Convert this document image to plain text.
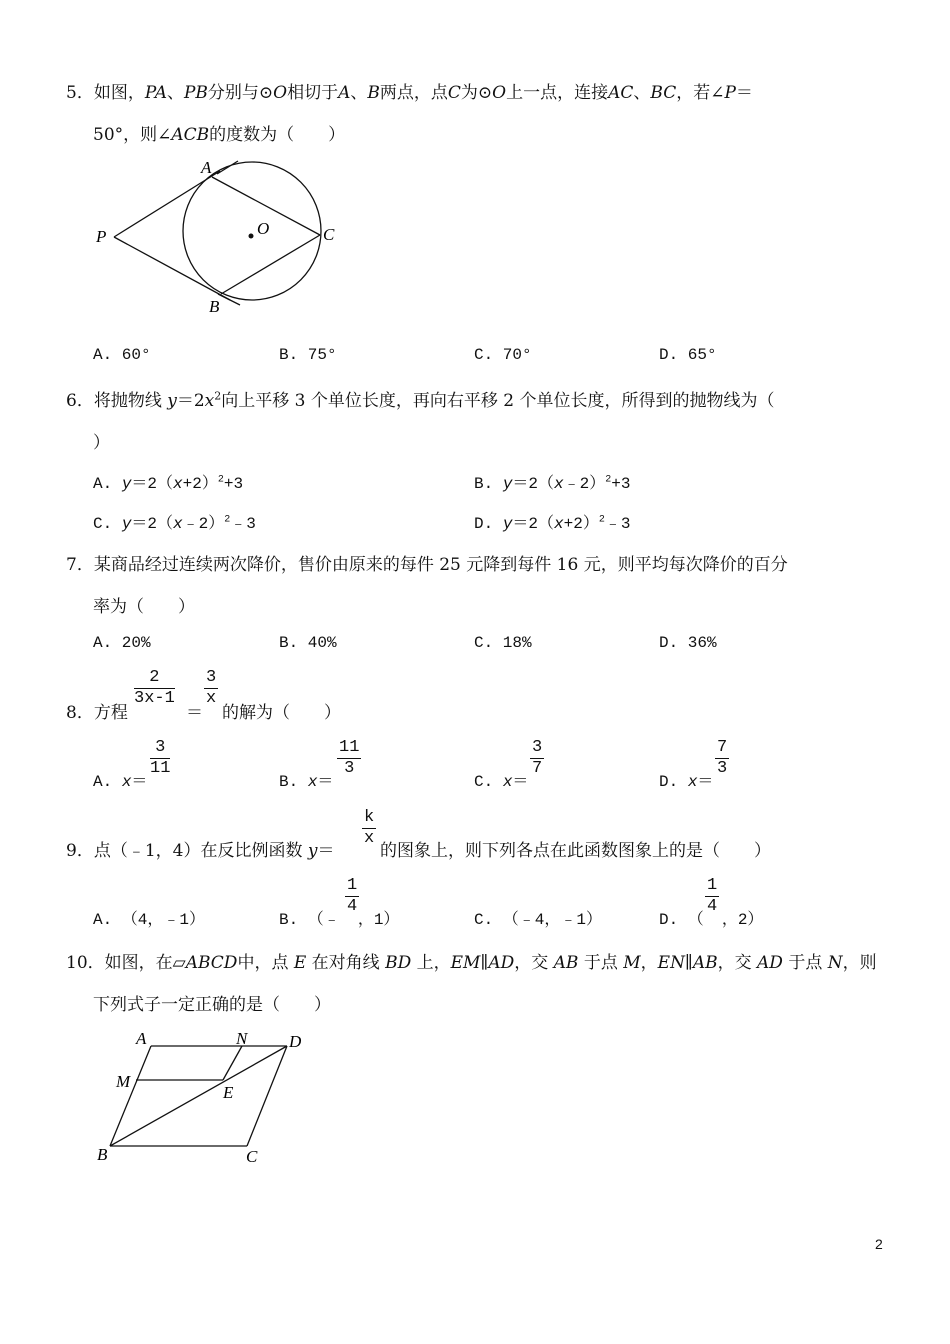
5．如图，PA、PB分别与⊙O相切于A、B两点，点C为⊙O上一点，连接AC、BC，若∠P＝
50°，则∠ACB的度数为（　　）
A
B
C
O
P
A. 60°	B. 75°	C. 70°	D. 65°
6．将抛物线 $y=2x^2$向上平移 3 个单位长度，再向右平移 2 个单位长度，所得到的抛物线为（
）
A. $y=2(x+2)^2+3$	B. y＝2（x﹣2）$^2$+3
C. y＝2（x﹣2）$^2$﹣3	D. $y=2(x+2)^2﹣3$
7．某商品经过连续两次降价，售价由原来的每件 25 元降到每件 16 元，则平均每次降价的百分
率为（　　）
A. 20%	B. 40%	C. 18%	D. 36%
8．方程
$\frac{2}{3x-1}$
＝
$\frac{3}{x}$
的解为（　　）
A. x＝
$\frac{3}{11}$
B. x＝
$\frac{11}{3}$
C. x＝
$\frac{3}{7}$
D. x＝
$\frac{7}{3}$
9．点（﹣1，4）在反比例函数 y＝
$\frac{k}{x}$
的图象上，则下列各点在此函数图象上的是（　　）
A. （4，﹣1）	B. （﹣ ，1）
$\frac{1}{4}$
C. （﹣4，﹣1）	D. （ ，2）
$\frac{1}{4}$
10．如图，在▱ABCD中，点 E 在对角线 BD 上，EM∥AD，交 AB 于点 M，EN∥AB，交 AD 于点 N，则
下列式子一定正确的是（　　）
A	N D
M
E
B	C
2
